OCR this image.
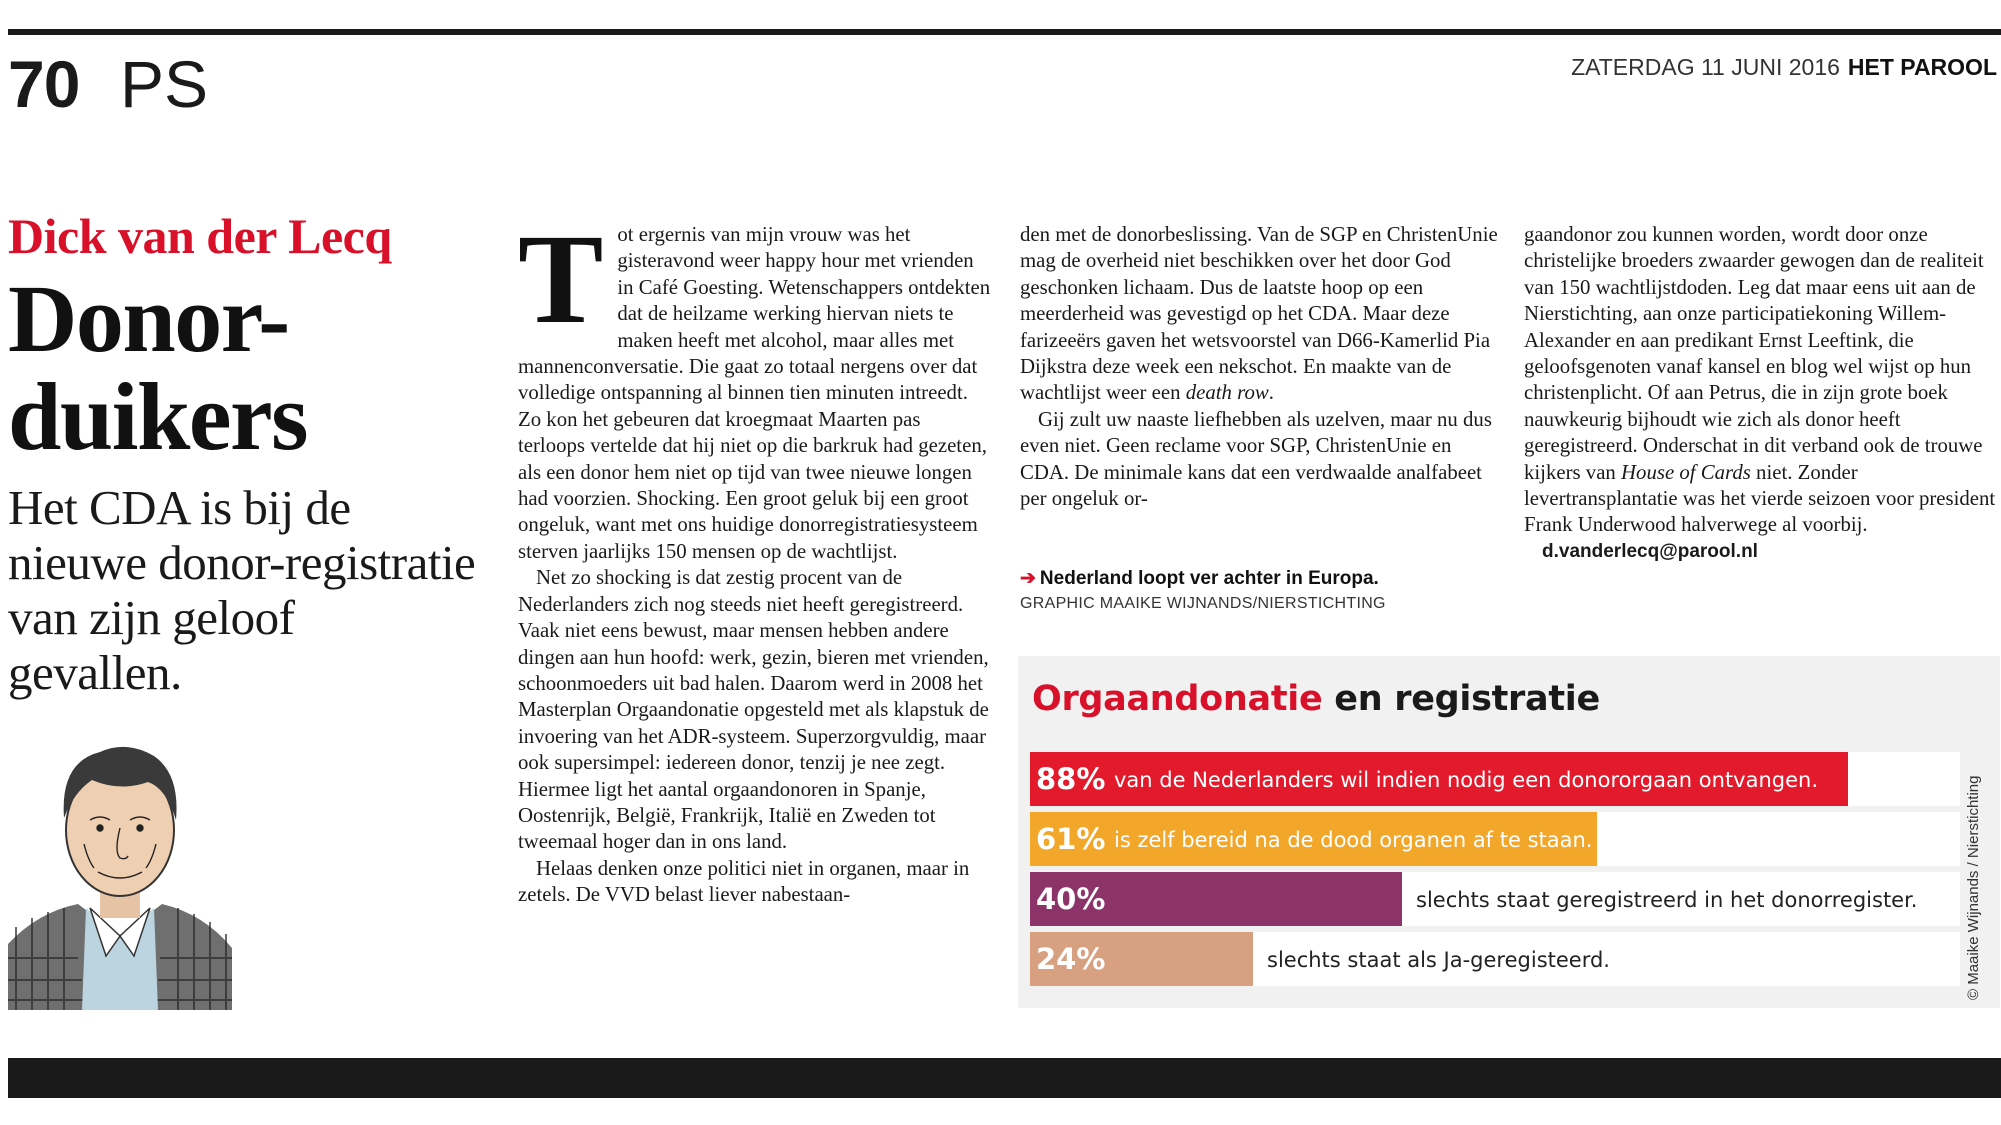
70 PS	ZATERDAG 11 JUNI 2016 HET PAROOL
Dick van der Lecq
Donor-
duikers
Het CDA is bij de nieuwe donor-registratie van zijn geloof gevallen.
T ot ergernis van mijn vrouw was het gisteravond weer happy hour met vrienden in Café Goesting. Wetenschappers ontdekten dat de heilzame werking hiervan niets te maken heeft met alcohol, maar alles met mannenconversatie. Die gaat zo totaal nergens over dat volledige ontspanning al binnen tien minuten intreedt. Zo kon het gebeuren dat kroegmaat Maarten pas terloops vertelde dat hij niet op die barkruk had gezeten, als een donor hem niet op tijd van twee nieuwe longen had voorzien. Shocking. Een groot geluk bij een groot ongeluk, want met ons huidige donorregistratiesysteem sterven jaarlijks 150 mensen op de wachtlijst.

Net zo shocking is dat zestig procent van de Nederlanders zich nog steeds niet heeft geregistreerd. Vaak niet eens bewust, maar mensen hebben andere dingen aan hun hoofd: werk, gezin, bieren met vrienden, schoonmoeders uit bad halen. Daarom werd in 2008 het Masterplan Orgaandonatie opgesteld met als klapstuk de invoering van het ADR-systeem. Superzorgvuldig, maar ook supersimpel: iedereen donor, tenzij je nee zegt. Hiermee ligt het aantal orgaandonoren in Spanje, Oostenrijk, België, Frankrijk, Italië en Zweden tot tweemaal hoger dan in ons land.

Helaas denken onze politici niet in organen, maar in zetels. De VVD belast liever nabestaan-

den met de donorbeslissing. Van de SGP en ChristenUnie mag de overheid niet beschikken over het door God geschonken lichaam. Dus de laatste hoop op een meerderheid was gevestigd op het CDA. Maar deze farizeeërs gaven het wetsvoorstel van D66-Kamerlid Pia Dijkstra deze week een nekschot. En maakte van de wachtlijst weer een death row.

Gij zult uw naaste liefhebben als uzelven, maar nu dus even niet. Geen reclame voor SGP, ChristenUnie en CDA. De minimale kans dat een verdwaalde analfabeet per ongeluk or-

➔ Nederland loopt ver achter in Europa.
GRAPHIC MAAIKE WIJNANDS/NIERSTICHTING

gaandonor zou kunnen worden, wordt door onze christelijke broeders zwaarder gewogen dan de realiteit van 150 wachtlijstdoden. Leg dat maar eens uit aan de Nierstichting, aan onze participatiekoning Willem-Alexander en aan predikant Ernst Leeftink, die geloofsgenoten vanaf kansel en blog wel wijst op hun christenplicht. Of aan Petrus, die in zijn grote boek nauwkeurig bijhoudt wie zich als donor heeft geregistreerd. Onderschat in dit verband ook de trouwe kijkers van House of Cards niet. Zonder levertransplantatie was het vierde seizoen voor president Frank Underwood halverwege al voorbij.

d.vanderlecq@parool.nl

Orgaandonatie en registratie
88% van de Nederlanders wil indien nodig een donororgaan ontvangen.
61% is zelf bereid na de dood organen af te staan.
40%	slechts staat geregistreerd in het donorregister.
24%	slechts staat als Ja-geregisteerd.	© Maaike Wijnands / Nierstichting
